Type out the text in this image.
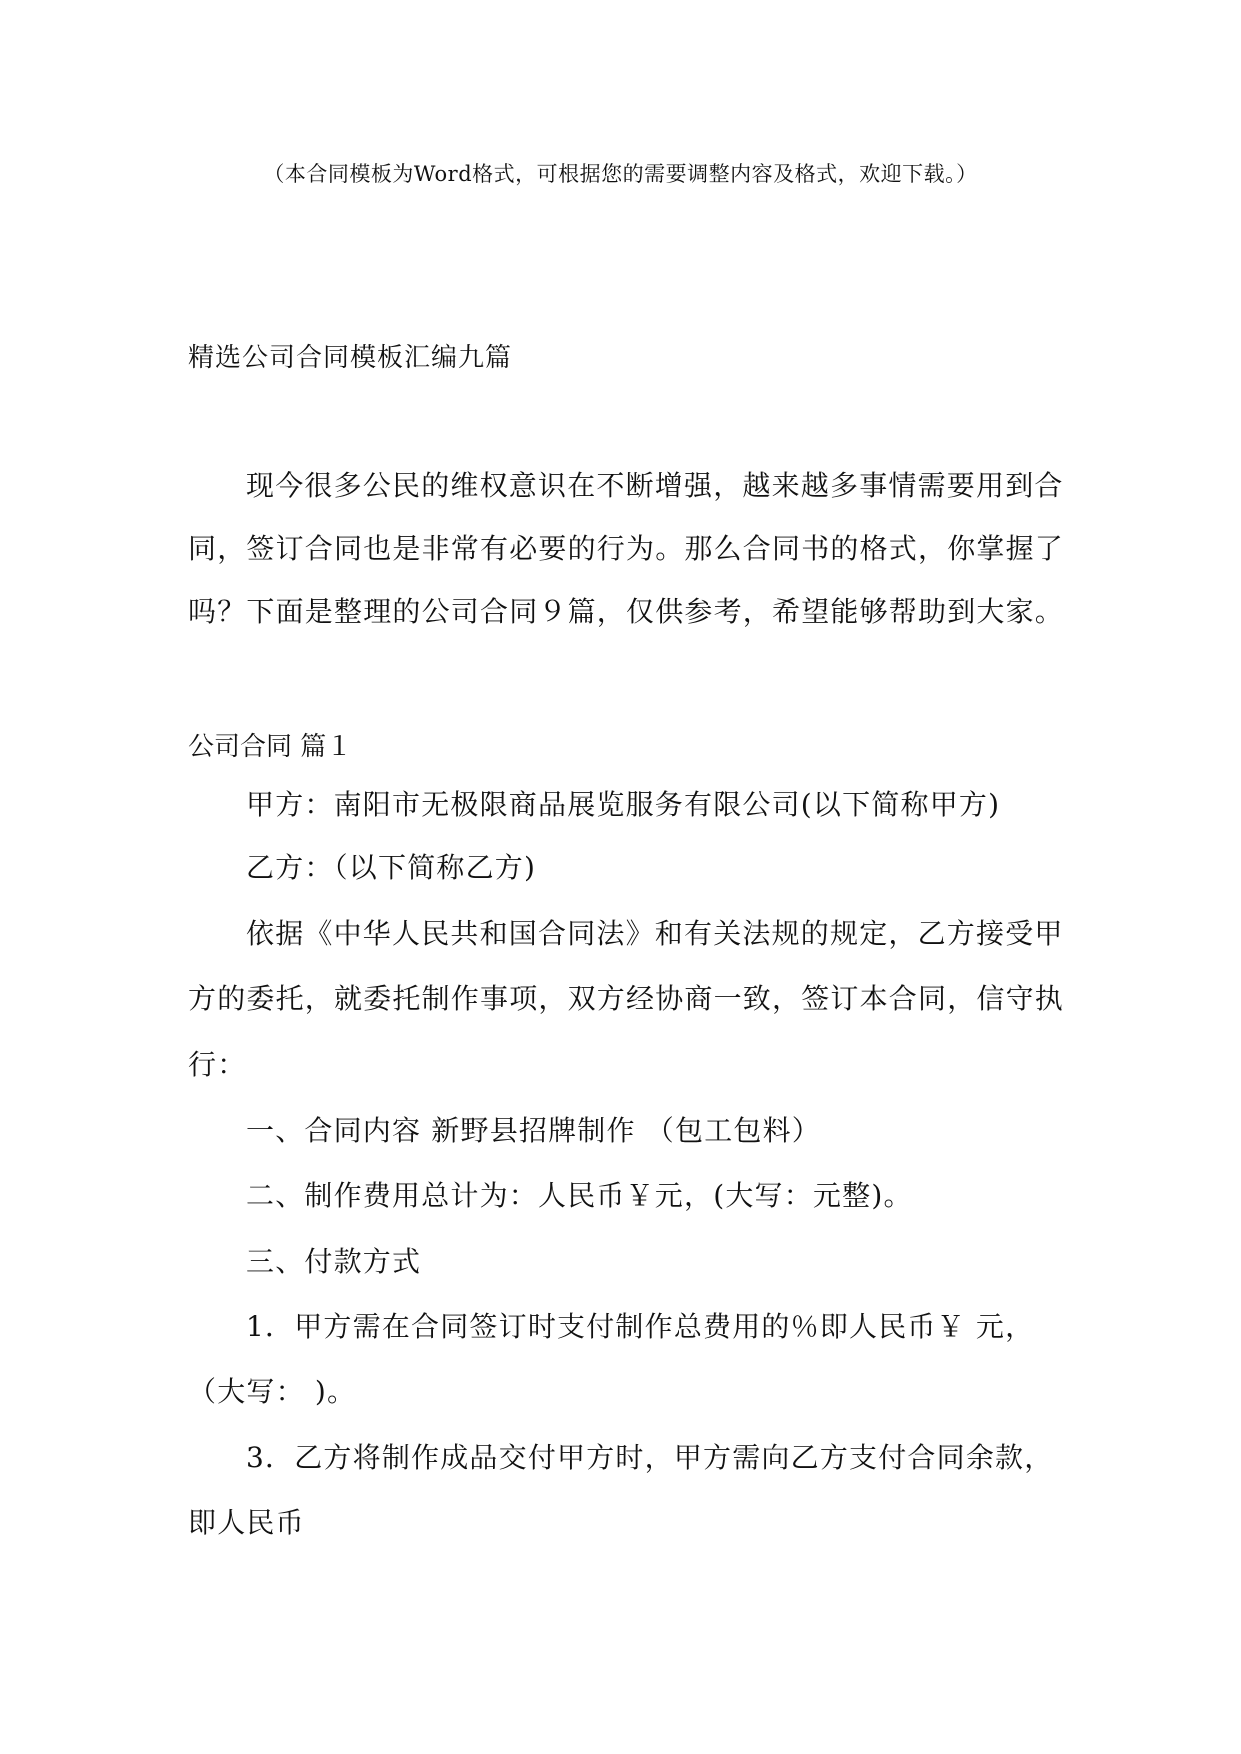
（本合同模板为Word格式，可根据您的需要调整内容及格式，欢迎下载。）
精选公司合同模板汇编九篇
现今很多公民的维权意识在不断增强，越来越多事情需要用到合
同，签订合同也是非常有必要的行为。那么合同书的格式，你掌握了
吗？下面是整理的公司合同９篇，仅供参考，希望能够帮助到大家。
公司合同 篇１
甲方：南阳市无极限商品展览服务有限公司(以下简称甲方)
乙方：（以下简称乙方)
依据《中华人民共和国合同法》和有关法规的规定，乙方接受甲
方的委托，就委托制作事项，双方经协商一致，签订本合同，信守执
行：
一、合同内容 新野县招牌制作 （包工包料）
二、制作费用总计为：人民币￥元，(大写：元整)。
三、付款方式
1．甲方需在合同签订时支付制作总费用的％即人民币￥ 元，
（大写： )。
3．乙方将制作成品交付甲方时，甲方需向乙方支付合同余款，
即人民币
